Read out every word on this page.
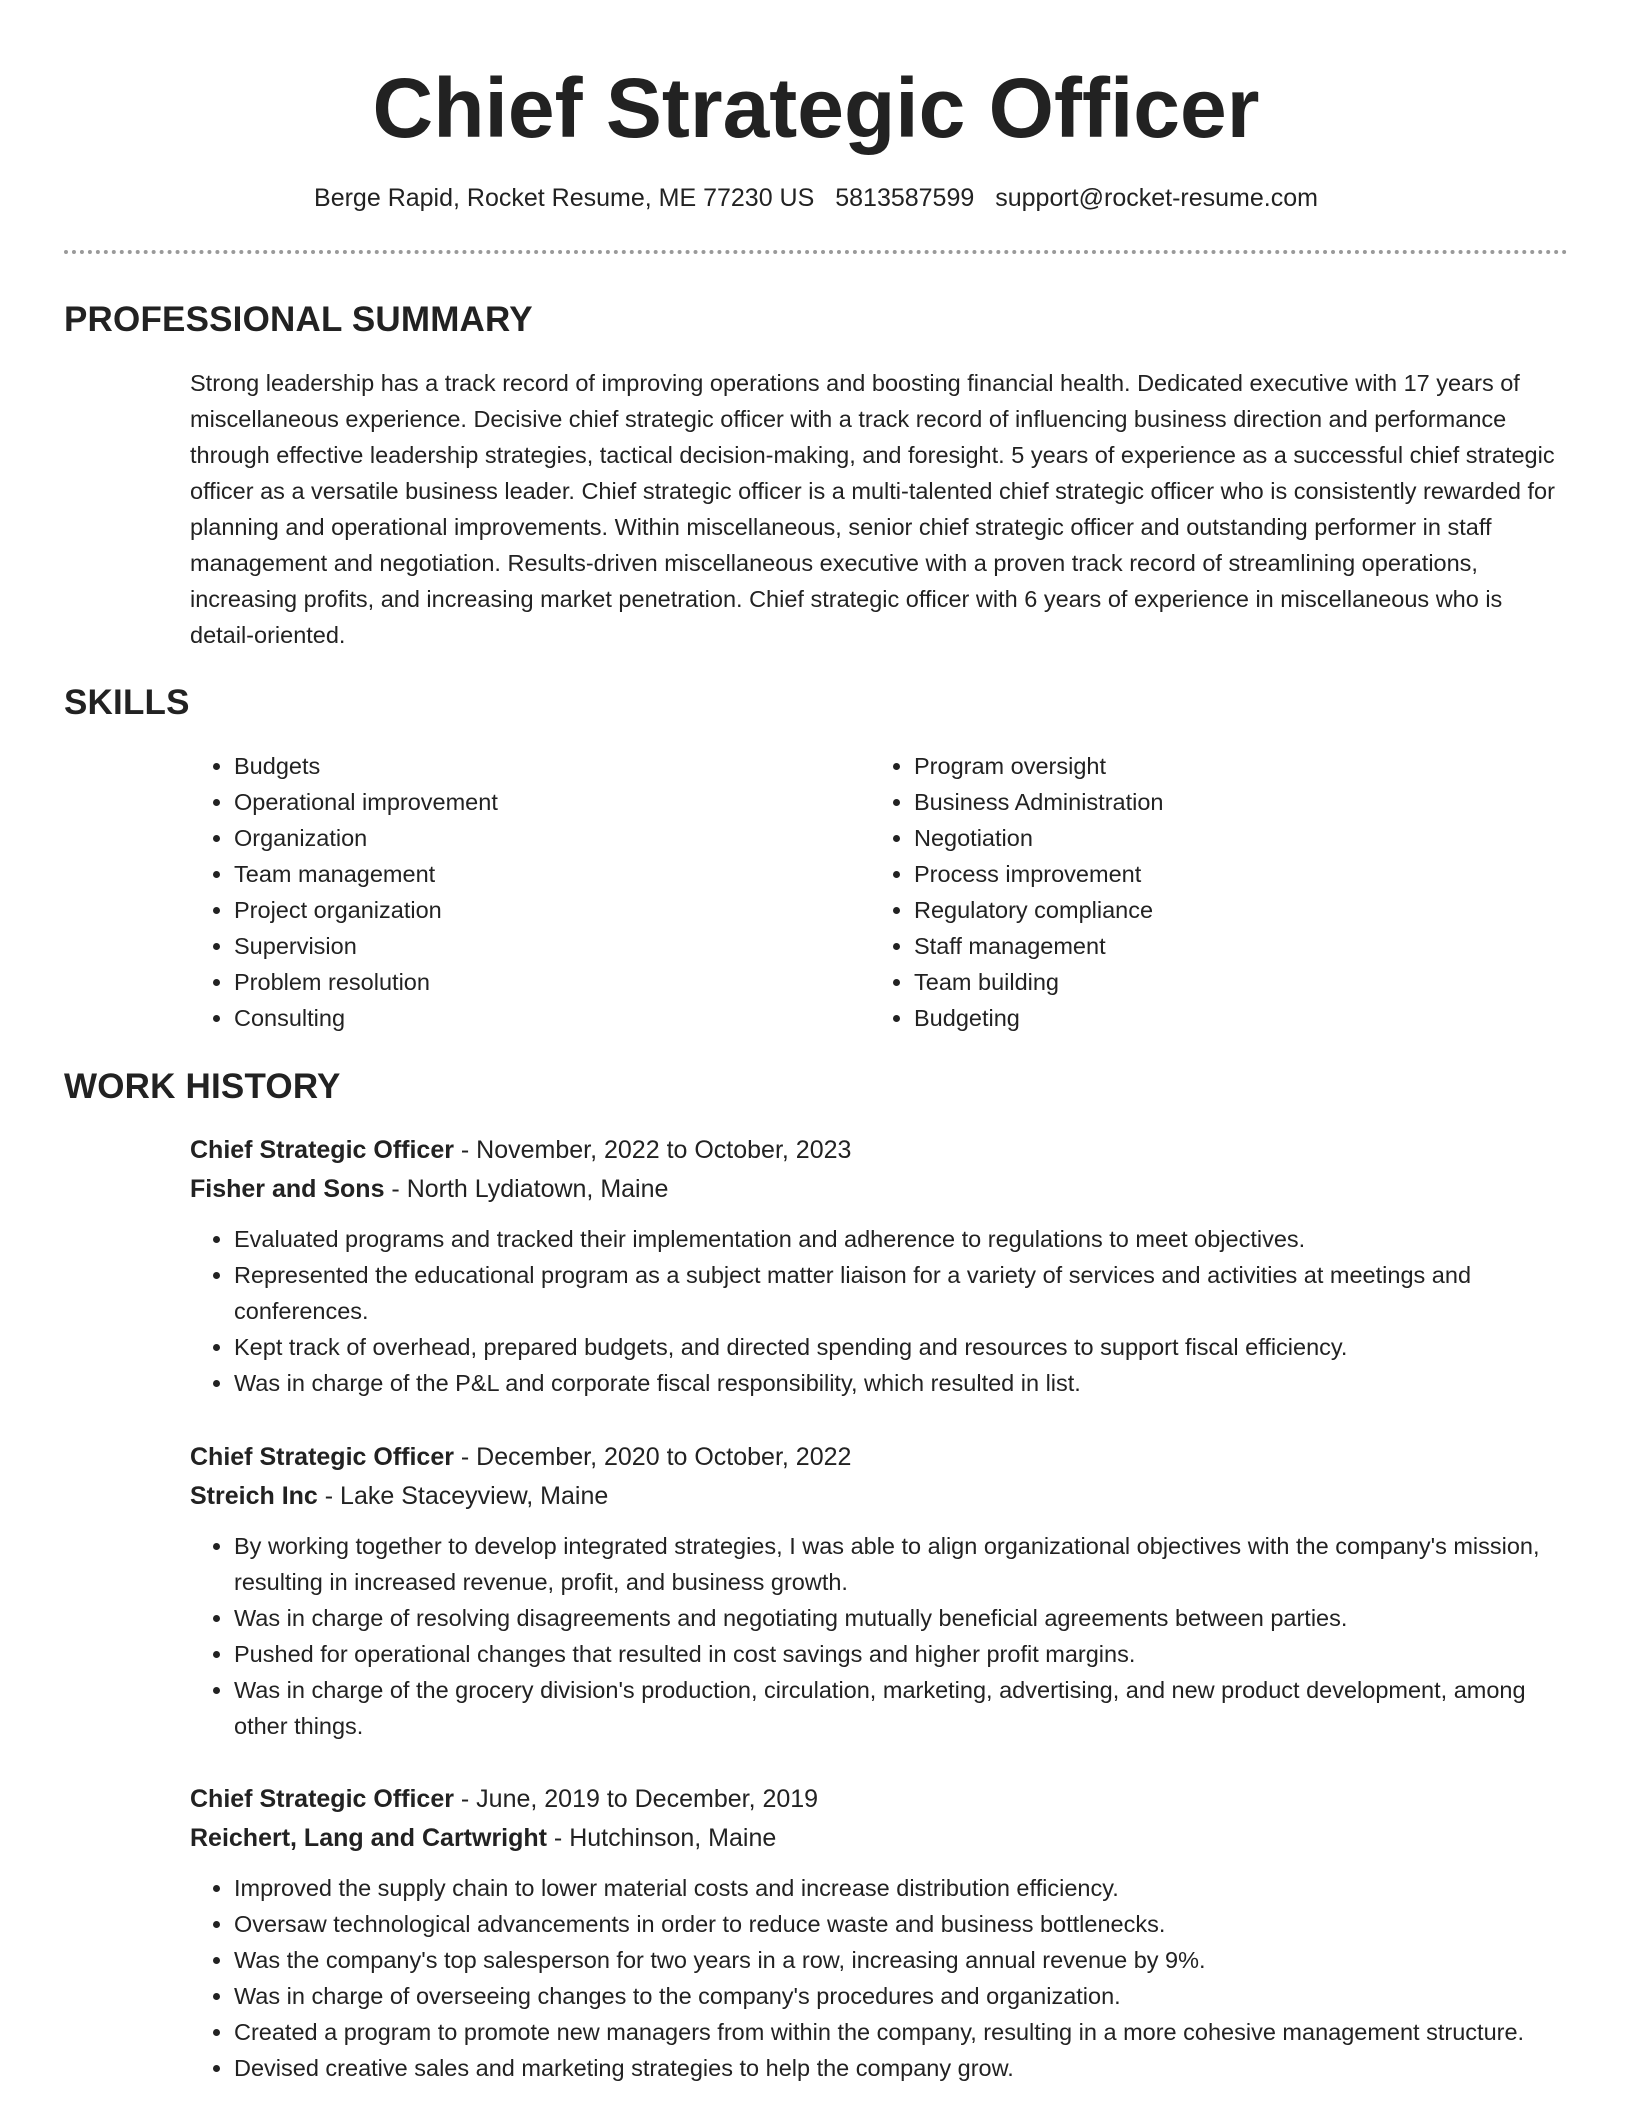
Chief Strategic Officer
Berge Rapid, Rocket Resume, ME 77230 US 5813587599 support@rocket-resume.com
PROFESSIONAL SUMMARY

Strong leadership has a track record of improving operations and boosting financial health. Dedicated executive with 17 years of miscellaneous experience. Decisive chief strategic officer with a track record of influencing business direction and performance through effective leadership strategies, tactical decision-making, and foresight. 5 years of experience as a successful chief strategic officer as a versatile business leader. Chief strategic officer is a multi-talented chief strategic officer who is consistently rewarded for planning and operational improvements. Within miscellaneous, senior chief strategic officer and outstanding performer in staff management and negotiation. Results-driven miscellaneous executive with a proven track record of streamlining operations, increasing profits, and increasing market penetration. Chief strategic officer with 6 years of experience in miscellaneous who is detail-oriented.

SKILLS
• Budgets
• Operational improvement
• Organization
• Team management
• Project organization
• Supervision
• Problem resolution
• Consulting
• Program oversight
• Business Administration
• Negotiation
• Process improvement
• Regulatory compliance
• Staff management
• Team building
• Budgeting
WORK HISTORY
Chief Strategic Officer - November, 2022 to October, 2023
Fisher and Sons - North Lydiatown, Maine
• Evaluated programs and tracked their implementation and adherence to regulations to meet objectives.
• Represented the educational program as a subject matter liaison for a variety of services and activities at meetings and conferences.
• Kept track of overhead, prepared budgets, and directed spending and resources to support fiscal efficiency.
• Was in charge of the P&L and corporate fiscal responsibility, which resulted in list.
Chief Strategic Officer - December, 2020 to October, 2022
Streich Inc - Lake Staceyview, Maine
• By working together to develop integrated strategies, I was able to align organizational objectives with the company's mission, resulting in increased revenue, profit, and business growth.
• Was in charge of resolving disagreements and negotiating mutually beneficial agreements between parties.
• Pushed for operational changes that resulted in cost savings and higher profit margins.
• Was in charge of the grocery division's production, circulation, marketing, advertising, and new product development, among other things.
Chief Strategic Officer - June, 2019 to December, 2019
Reichert, Lang and Cartwright - Hutchinson, Maine
• Improved the supply chain to lower material costs and increase distribution efficiency.
• Oversaw technological advancements in order to reduce waste and business bottlenecks.
• Was the company's top salesperson for two years in a row, increasing annual revenue by 9%.
• Was in charge of overseeing changes to the company's procedures and organization.
• Created a program to promote new managers from within the company, resulting in a more cohesive management structure.
• Devised creative sales and marketing strategies to help the company grow.
